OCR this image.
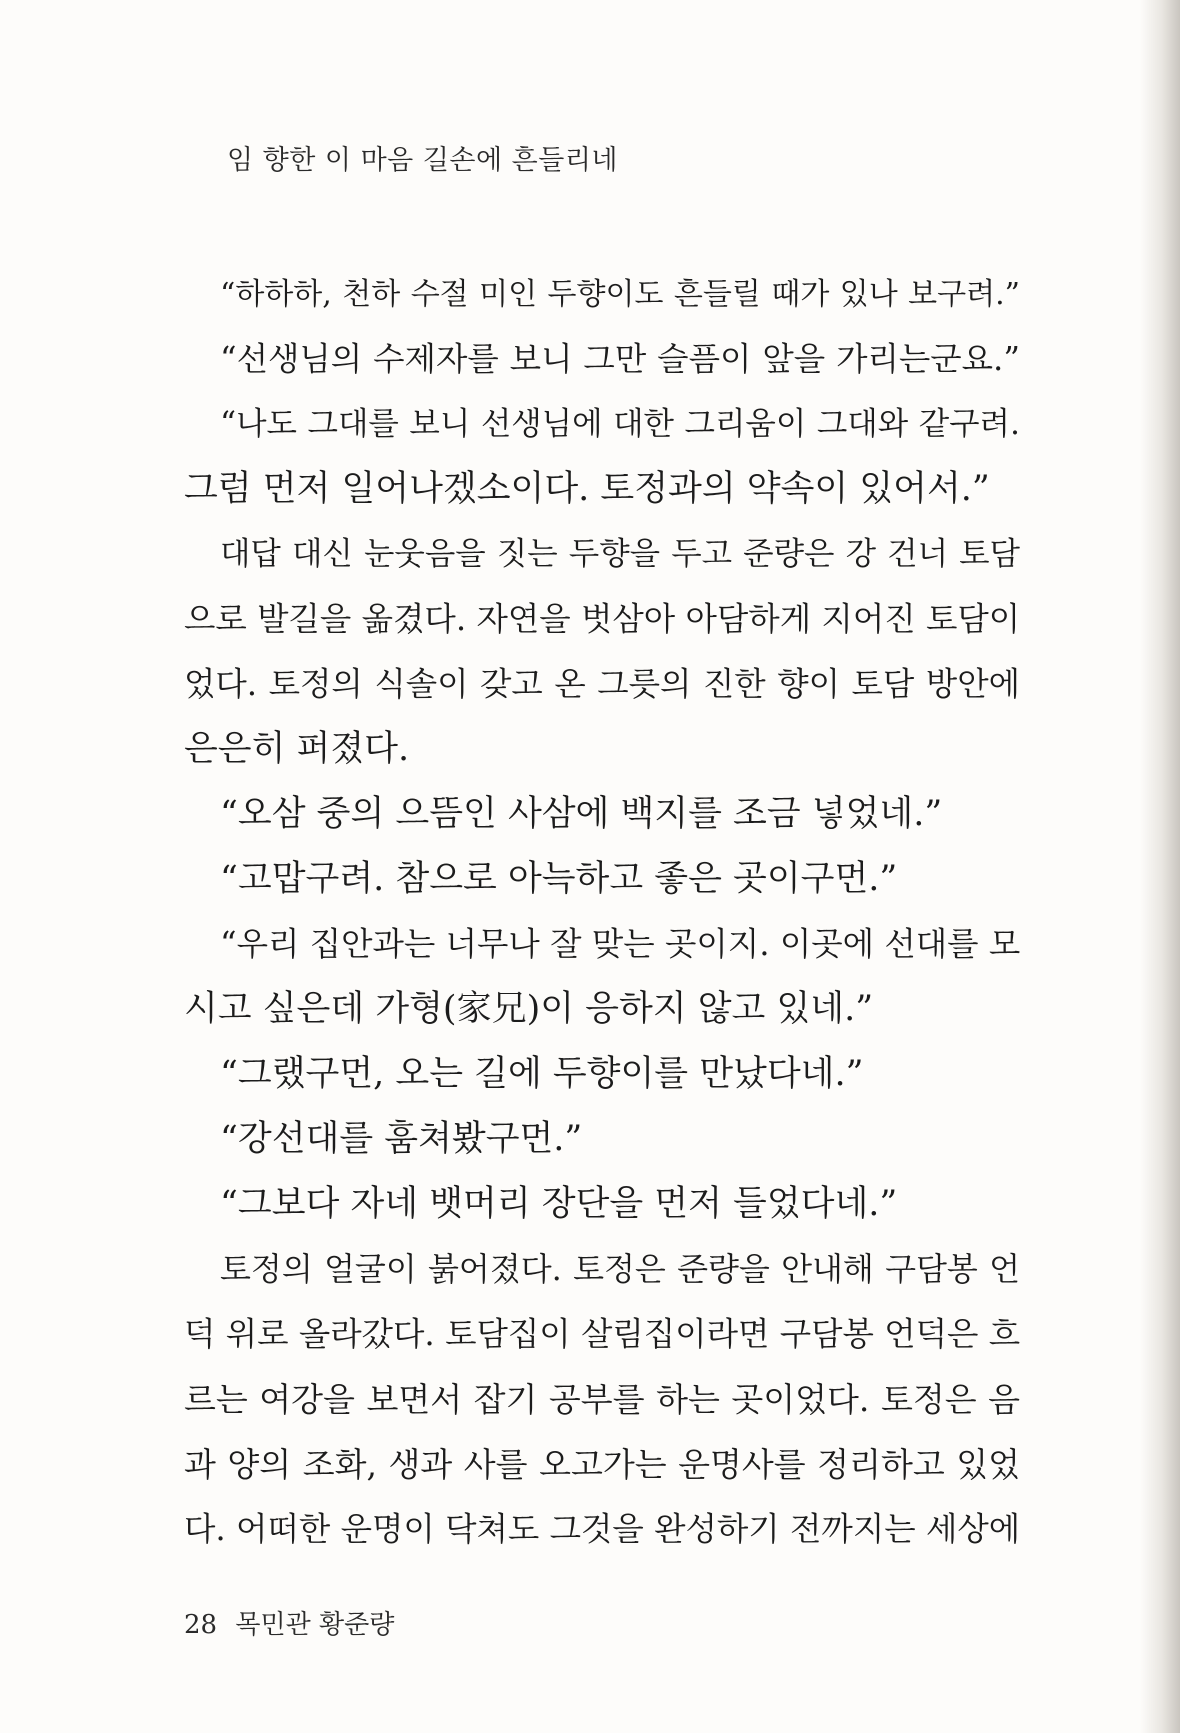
임 향한 이 마음 길손에 흔들리네
“하하하, 천하 수절 미인 두향이도 흔들릴 때가 있나 보구려.”
“선생님의 수제자를 보니 그만 슬픔이 앞을 가리는군요.”
“나도 그대를 보니 선생님에 대한 그리움이 그대와 같구려.
그럼 먼저 일어나겠소이다. 토정과의 약속이 있어서.”
대답 대신 눈웃음을 짓는 두향을 두고 준량은 강 건너 토담
으로 발길을 옮겼다. 자연을 벗삼아 아담하게 지어진 토담이
었다. 토정의 식솔이 갖고 온 그릇의 진한 향이 토담 방안에
은은히 퍼졌다.
“오삼 중의 으뜸인 사삼에 백지를 조금 넣었네.”
“고맙구려. 참으로 아늑하고 좋은 곳이구먼.”
“우리 집안과는 너무나 잘 맞는 곳이지. 이곳에 선대를 모
시고 싶은데 가형(家兄)이 응하지 않고 있네.”
“그랬구먼, 오는 길에 두향이를 만났다네.”
“강선대를 훔쳐봤구먼.”
“그보다 자네 뱃머리 장단을 먼저 들었다네.”
토정의 얼굴이 붉어졌다. 토정은 준량을 안내해 구담봉 언
덕 위로 올라갔다. 토담집이 살림집이라면 구담봉 언덕은 흐
르는 여강을 보면서 잡기 공부를 하는 곳이었다. 토정은 음
과 양의 조화, 생과 사를 오고가는 운명사를 정리하고 있었
다. 어떠한 운명이 닥쳐도 그것을 완성하기 전까지는 세상에
28 목민관 황준량
